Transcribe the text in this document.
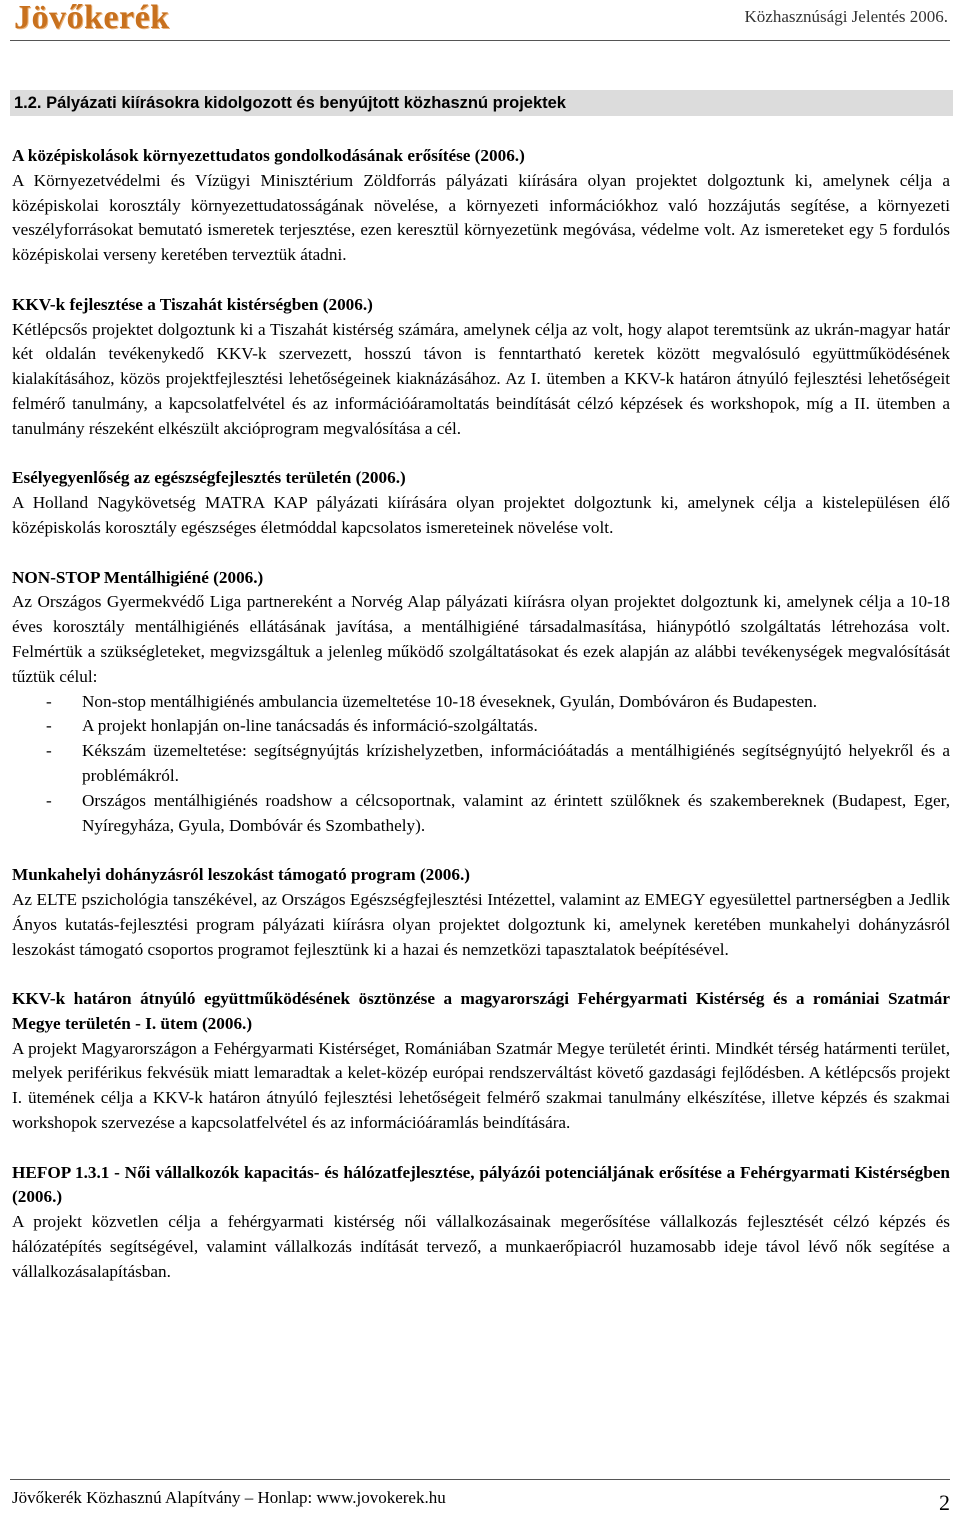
Jövőkerék	Közhasznúsági Jelentés 2006.
1.2. Pályázati kiírásokra kidolgozott és benyújtott közhasznú projektek

A középiskolások környezettudatos gondolkodásának erősítése (2006.)

A Környezetvédelmi és Vízügyi Minisztérium Zöldforrás pályázati kiírására olyan projektet dolgoztunk ki, amelynek célja a középiskolai korosztály környezettudatosságának növelése, a környezeti információkhoz való hozzájutás segítése, a környezeti veszélyforrásokat bemutató ismeretek terjesztése, ezen keresztül környezetünk megóvása, védelme volt. Az ismereteket egy 5 fordulós középiskolai verseny keretében terveztük átadni.

KKV-k fejlesztése a Tiszahát kistérségben (2006.)

Kétlépcsős projektet dolgoztunk ki a Tiszahát kistérség számára, amelynek célja az volt, hogy alapot teremtsünk az ukrán-magyar határ két oldalán tevékenykedő KKV-k szervezett, hosszú távon is fenntartható keretek között megvalósuló együttműködésének kialakításához, közös projektfejlesztési lehetőségeinek kiaknázásához. Az I. ütemben a KKV-k határon átnyúló fejlesztési lehetőségeit felmérő tanulmány, a kapcsolatfelvétel és az információáramoltatás beindítását célzó képzések és workshopok, míg a II. ütemben a tanulmány részeként elkészült akcióprogram megvalósítása a cél.

Esélyegyenlőség az egészségfejlesztés területén (2006.)

A Holland Nagykövetség MATRA KAP pályázati kiírására olyan projektet dolgoztunk ki, amelynek célja a kistelepülésen élő középiskolás korosztály egészséges életmóddal kapcsolatos ismereteinek növelése volt.

NON-STOP Mentálhigiéné (2006.)

Az Országos Gyermekvédő Liga partnereként a Norvég Alap pályázati kiírásra olyan projektet dolgoztunk ki, amelynek célja a 10-18 éves korosztály mentálhigiénés ellátásának javítása, a mentálhigiéné társadalmasítása, hiánypótló szolgáltatás létrehozása volt. Felmértük a szükségleteket, megvizsgáltuk a jelenleg működő szolgáltatásokat és ezek alapján az alábbi tevékenységek megvalósítását tűztük célul:

- Non-stop mentálhigiénés ambulancia üzemeltetése 10-18 éveseknek, Gyulán, Dombóváron és Budapesten.
- A projekt honlapján on-line tanácsadás és információ-szolgáltatás.
- Kékszám üzemeltetése: segítségnyújtás krízishelyzetben, információátadás a mentálhigiénés segítségnyújtó helyekről és a problémákról.
- Országos mentálhigiénés roadshow a célcsoportnak, valamint az érintett szülőknek és szakembereknek (Budapest, Eger, Nyíregyháza, Gyula, Dombóvár és Szombathely).

Munkahelyi dohányzásról leszokást támogató program (2006.)

Az ELTE pszichológia tanszékével, az Országos Egészségfejlesztési Intézettel, valamint az EMEGY egyesülettel partnerségben a Jedlik Ányos kutatás-fejlesztési program pályázati kiírásra olyan projektet dolgoztunk ki, amelynek keretében munkahelyi dohányzásról leszokást támogató csoportos programot fejlesztünk ki a hazai és nemzetközi tapasztalatok beépítésével.

KKV-k határon átnyúló együttműködésének ösztönzése a magyarországi Fehérgyarmati Kistérség és a romániai Szatmár Megye területén - I. ütem (2006.)

A projekt Magyarországon a Fehérgyarmati Kistérséget, Romániában Szatmár Megye területét érinti. Mindkét térség határmenti terület, melyek periférikus fekvésük miatt lemaradtak a kelet-közép európai rendszerváltást követő gazdasági fejlődésben. A kétlépcsős projekt I. ütemének célja a KKV-k határon átnyúló fejlesztési lehetőségeit felmérő szakmai tanulmány elkészítése, illetve képzés és szakmai workshopok szervezése a kapcsolatfelvétel és az információáramlás beindítására.

HEFOP 1.3.1 - Női vállalkozók kapacitás- és hálózatfejlesztése, pályázói potenciáljának erősítése a Fehérgyarmati Kistérségben (2006.)

A projekt közvetlen célja a fehérgyarmati kistérség női vállalkozásainak megerősítése vállalkozás fejlesztését célzó képzés és hálózatépítés segítségével, valamint vállalkozás indítását tervező, a munkaerőpiacról huzamosabb ideje távol lévő nők segítése a vállalkozásalapításban.

Jövőkerék Közhasznú Alapítvány – Honlap: www.jovokerek.hu	2
